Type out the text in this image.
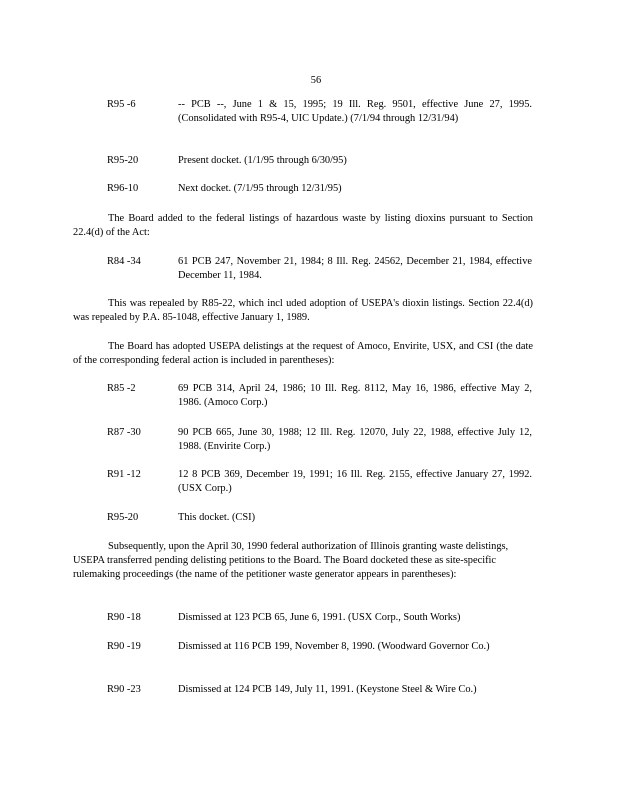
56
R95 -6	-- PCB --, June 1 & 15, 1995; 19 Ill. Reg. 9501, effective June 27, 1995. (Consolidated with R95-4, UIC Update.) (7/1/94 through 12/31/94)
R95-20	Present docket. (1/1/95 through 6/30/95)
R96-10	Next docket. (7/1/95 through 12/31/95)
The Board added to the federal listings of hazardous waste by listing dioxins pursuant to Section 22.4(d) of the Act:
R84 -34	61 PCB 247, November 21, 1984; 8 Ill. Reg. 24562, December 21, 1984, effective December 11, 1984.
This was repealed by R85-22, which incl uded adoption of USEPA's dioxin listings. Section 22.4(d) was repealed by P.A. 85-1048, effective January 1, 1989.
The Board has adopted USEPA delistings at the request of Amoco, Envirite, USX, and CSI (the date of the corresponding federal action is included in parentheses):
R85 -2	69 PCB 314, April 24, 1986; 10 Ill. Reg. 8112, May 16, 1986, effective May 2, 1986. (Amoco Corp.)
R87 -30	90 PCB 665, June 30, 1988; 12 Ill. Reg. 12070, July 22, 1988, effective July 12, 1988. (Envirite Corp.)
R91 -12	12 8 PCB 369, December 19, 1991; 16 Ill. Reg. 2155, effective January 27, 1992. (USX Corp.)
R95-20	This docket. (CSI)
Subsequently, upon the April 30, 1990 federal authorization of Illinois granting waste delistings, USEPA transferred pending delisting petitions to the Board. The Board docketed these as site-specific rulemaking proceedings (the name of the petitioner waste generator appears in parentheses):
R90 -18	Dismissed at 123 PCB 65, June 6, 1991. (USX Corp., South Works)
R90 -19	Dismissed at 116 PCB 199, November 8, 1990. (Woodward Governor Co.)
R90 -23	Dismissed at 124 PCB 149, July 11, 1991. (Keystone Steel & Wire Co.)
